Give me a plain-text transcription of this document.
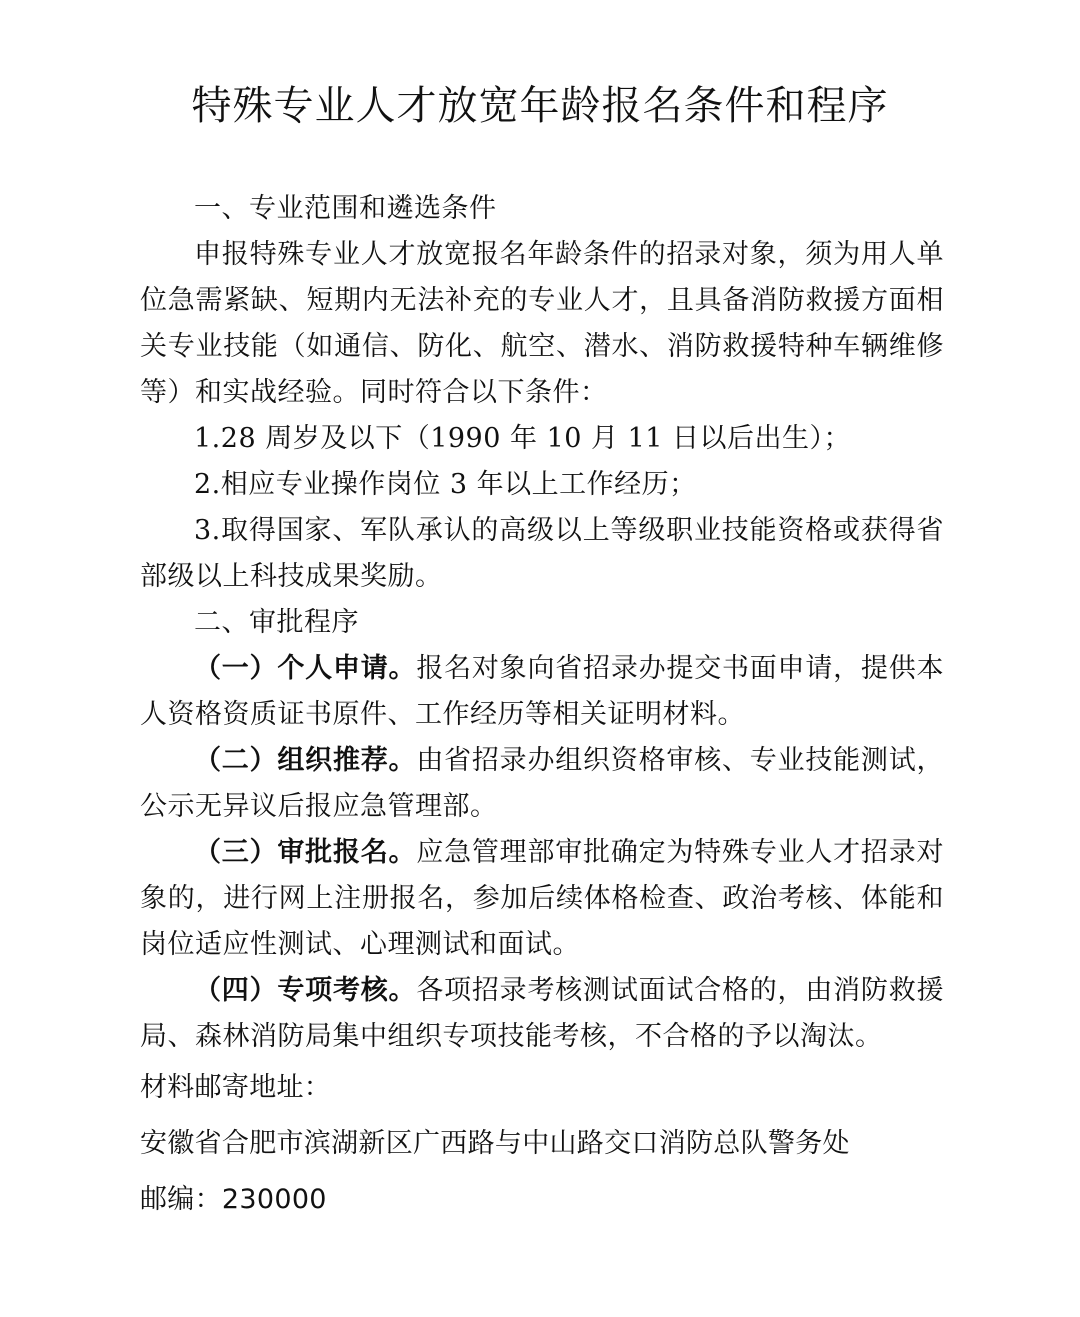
特殊专业人才放宽年龄报名条件和程序

一、专业范围和遴选条件

申报特殊专业人才放宽报名年龄条件的招录对象，须为用人单位急需紧缺、短期内无法补充的专业人才，且具备消防救援方面相关专业技能（如通信、防化、航空、潜水、消防救援特种车辆维修等）和实战经验。同时符合以下条件：

1.28 周岁及以下（1990 年 10 月 11 日以后出生）；

2.相应专业操作岗位 3 年以上工作经历；

3.取得国家、军队承认的高级以上等级职业技能资格或获得省部级以上科技成果奖励。

二、审批程序

（一）个人申请。报名对象向省招录办提交书面申请，提供本人资格资质证书原件、工作经历等相关证明材料。

（二）组织推荐。由省招录办组织资格审核、专业技能测试，公示无异议后报应急管理部。

（三）审批报名。应急管理部审批确定为特殊专业人才招录对象的，进行网上注册报名，参加后续体格检查、政治考核、体能和岗位适应性测试、心理测试和面试。

（四）专项考核。各项招录考核测试面试合格的，由消防救援局、森林消防局集中组织专项技能考核，不合格的予以淘汰。

材料邮寄地址：

安徽省合肥市滨湖新区广西路与中山路交口消防总队警务处

邮编：230000
